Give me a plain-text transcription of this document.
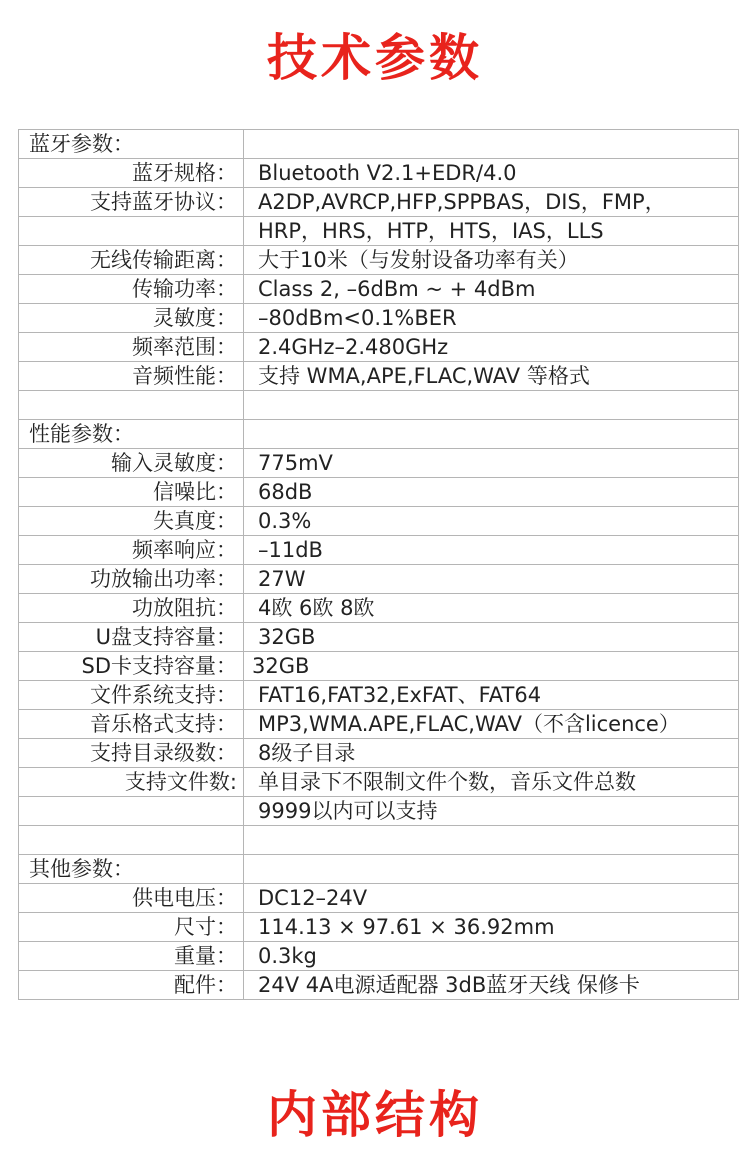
技术参数
蓝牙参数：	
蓝牙规格：	Bluetooth V2.1+EDR/4.0
支持蓝牙协议：	A2DP,AVRCP,HFP,SPPBAS，DIS，FMP，
	HRP，HRS，HTP，HTS，IAS，LLS
无线传输距离：	大于10米（与发射设备功率有关）
传输功率：	Class 2, –6dBm ~ + 4dBm
灵敏度：	–80dBm<0.1%BER
频率范围：	2.4GHz–2.480GHz
音频性能：	支持 WMA,APE,FLAC,WAV 等格式

性能参数：	
输入灵敏度：	775mV
信噪比：	68dB
失真度：	0.3%
频率响应：	–11dB
功放输出功率：	27W
功放阻抗：	4欧 6欧 8欧
U盘支持容量：	32GB
SD卡支持容量：	32GB
文件系统支持：	FAT16,FAT32,ExFAT、FAT64
音乐格式支持：	MP3,WMA.APE,FLAC,WAV（不含licence）
支持目录级数：	8级子目录
支持文件数:	单目录下不限制文件个数，音乐文件总数
	9999以内可以支持

其他参数：	
供电电压：	DC12–24V
尺寸：	114.13 × 97.61 × 36.92mm
重量：	0.3kg
配件：	24V 4A电源适配器 3dB蓝牙天线 保修卡
内部结构
